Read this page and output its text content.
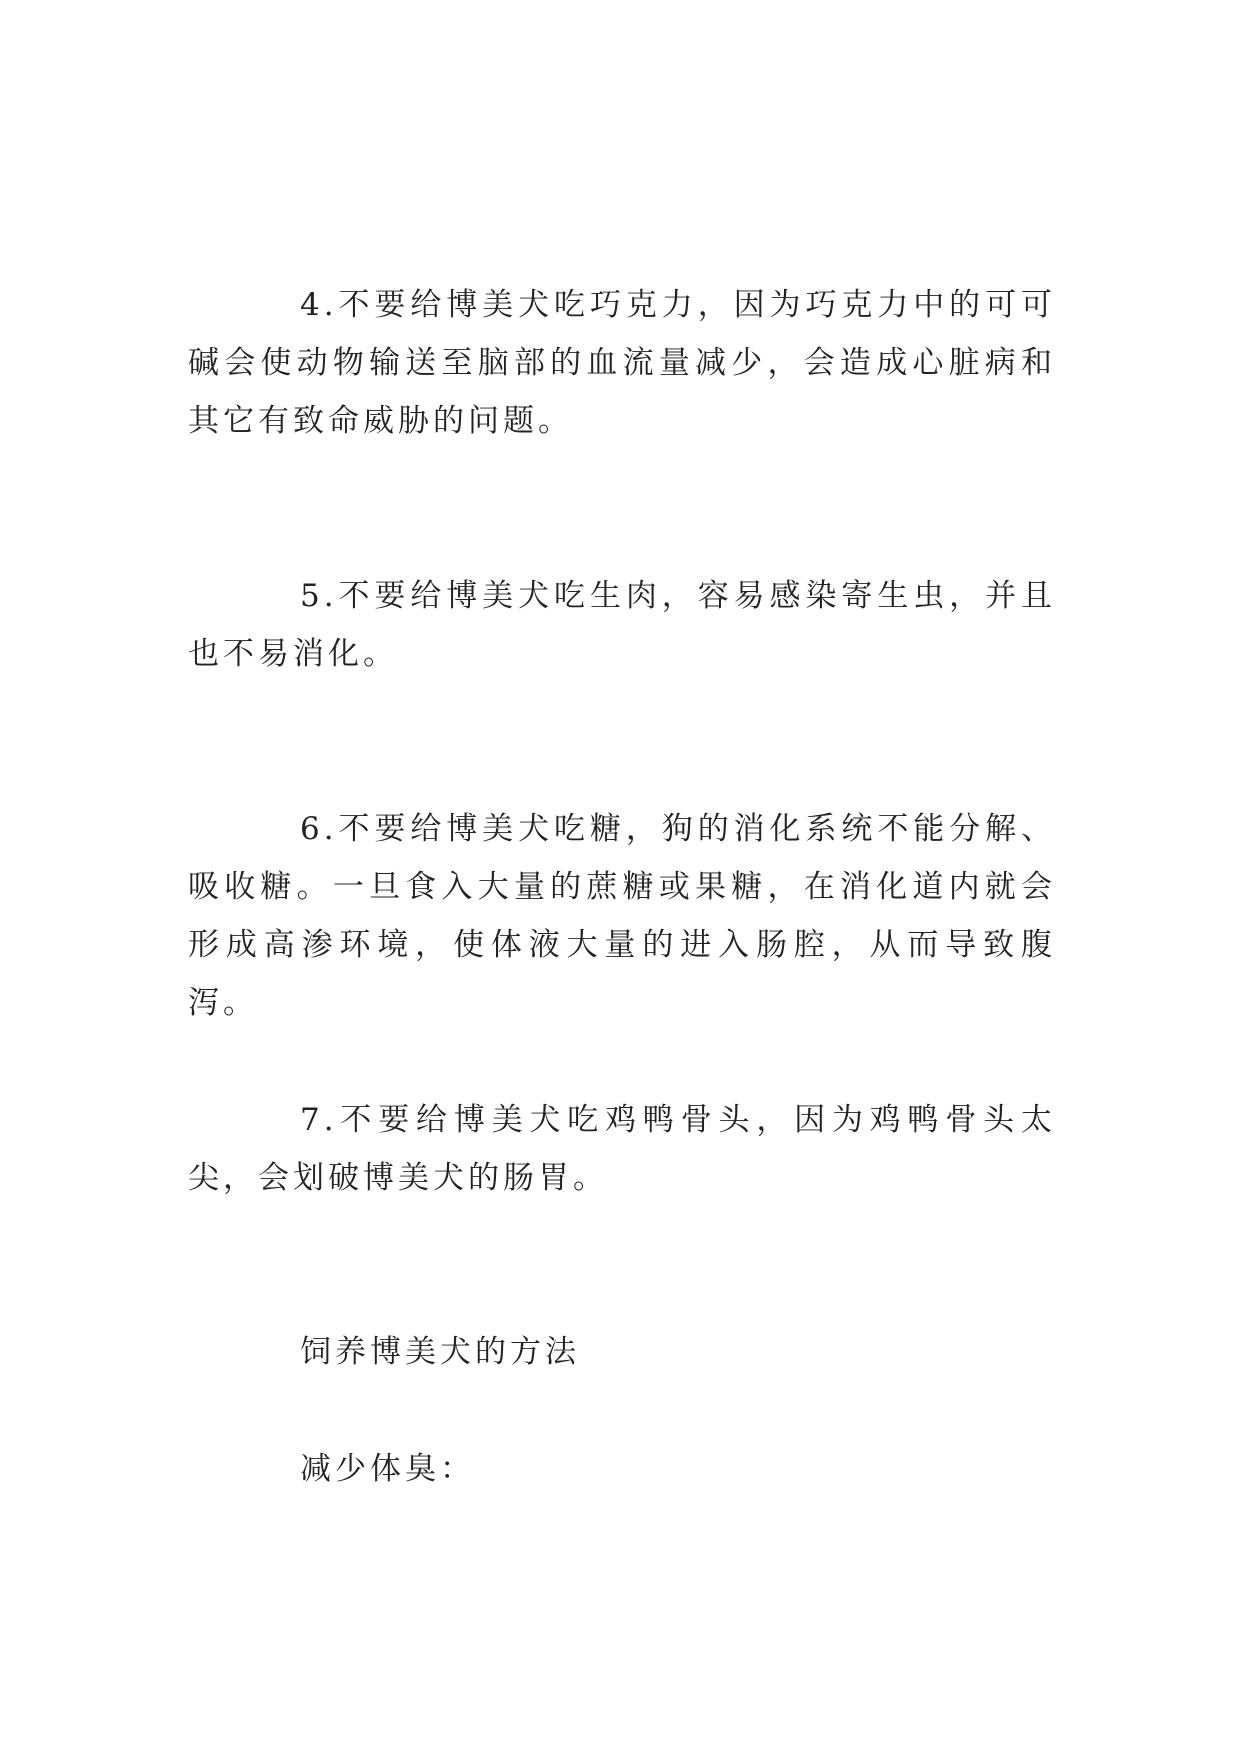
4.不要给博美犬吃巧克力，因为巧克力中的可可碱会使动物输送至脑部的血流量减少，会造成心脏病和其它有致命威胁的问题。

5.不要给博美犬吃生肉，容易感染寄生虫，并且也不易消化。

6.不要给博美犬吃糖，狗的消化系统不能分解、吸收糖。一旦食入大量的蔗糖或果糖，在消化道内就会形成高渗环境，使体液大量的进入肠腔，从而导致腹泻。

7.不要给博美犬吃鸡鸭骨头，因为鸡鸭骨头太尖，会划破博美犬的肠胃。

饲养博美犬的方法

减少体臭：
